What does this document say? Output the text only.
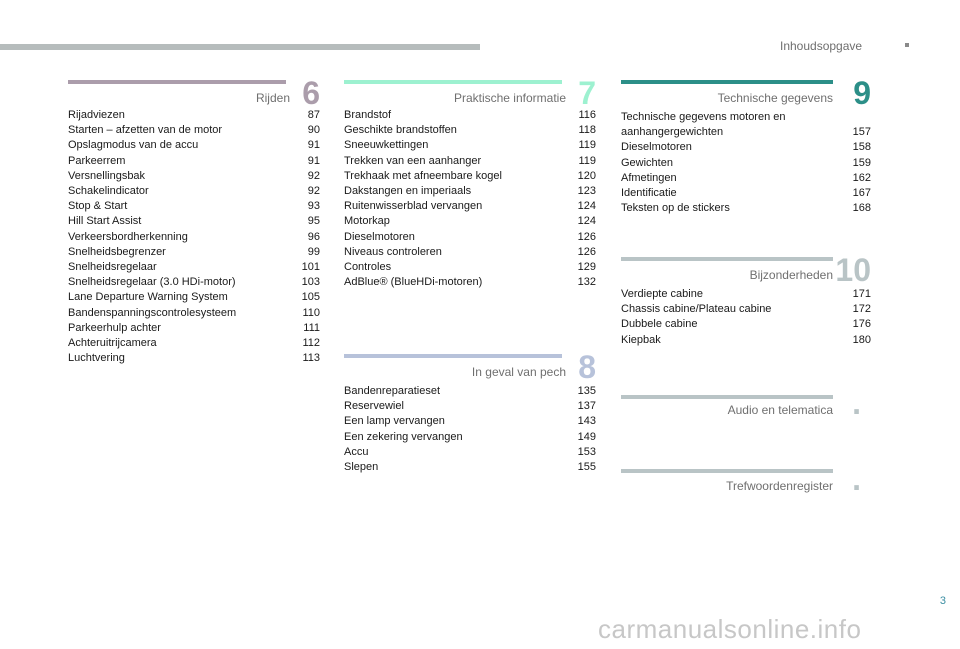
Inhoudsopgave
Rijden 6
Rijadviezen	87
Starten – afzetten van de motor	90
Opslagmodus van de accu	91
Parkeerrem	91
Versnellingsbak	92
Schakelindicator	92
Stop & Start	93
Hill Start Assist	95
Verkeersbordherkenning	96
Snelheidsbegrenzer	99
Snelheidsregelaar	101
Snelheidsregelaar (3.0 HDi-motor)	103
Lane Departure Warning System	105
Bandenspanningscontrolesysteem	110
Parkeerhulp achter	111
Achteruitrijcamera	112
Luchtvering	113
Praktische informatie 7
Brandstof	116
Geschikte brandstoffen	118
Sneeuwkettingen	119
Trekken van een aanhanger	119
Trekhaak met afneembare kogel	120
Dakstangen en imperiaals	123
Ruitenwisserblad vervangen	124
Motorkap	124
Dieselmotoren	126
Niveaus controleren	126
Controles	129
AdBlue® (BlueHDi-motoren)	132
In geval van pech 8
Bandenreparatieset	135
Reservewiel	137
Een lamp vervangen	143
Een zekering vervangen	149
Accu	153
Slepen	155
Technische gegevens 9
Technische gegevens motoren en
aanhangergewichten	157
Dieselmotoren	158
Gewichten	159
Afmetingen	162
Identificatie	167
Teksten op de stickers	168
Bijzonderheden 10
Verdiepte cabine	171
Chassis cabine/Plateau cabine	172
Dubbele cabine	176
Kiepbak	180
Audio en telematica .
Trefwoordenregister .
3
carmanualsonline.info
